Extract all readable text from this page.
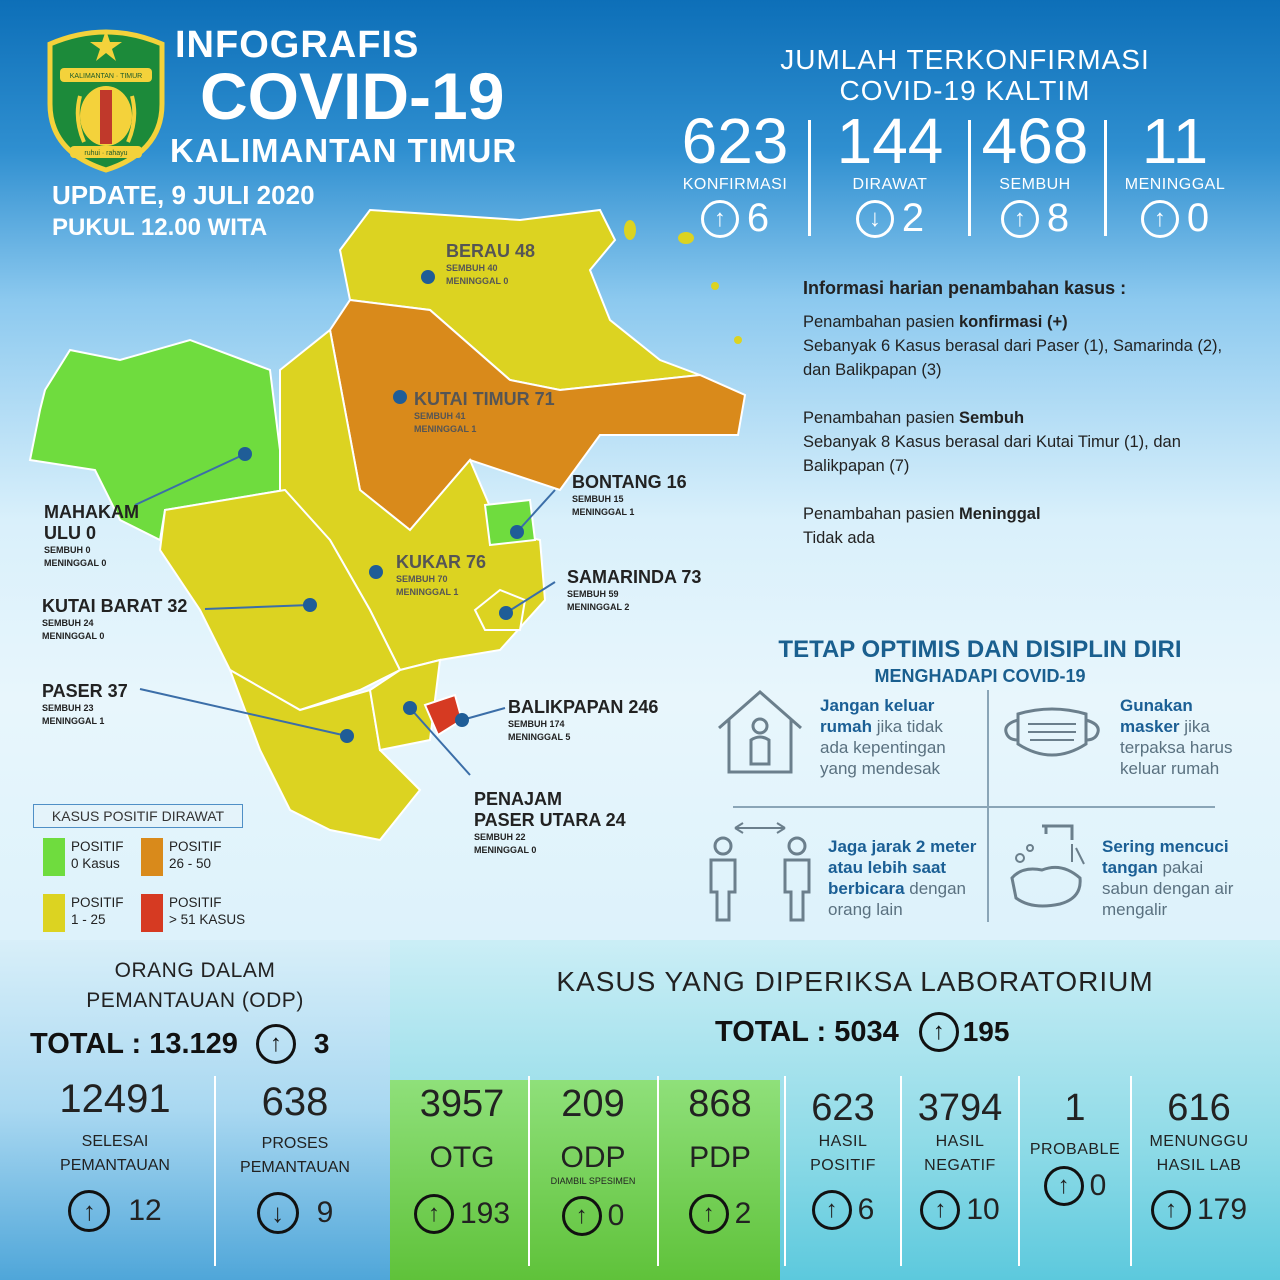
KALIMANTAN · TIMUR
ruhui · rahayu
INFOGRAFIS
COVID-19
KALIMANTAN TIMUR
UPDATE, 9 JULI 2020
PUKUL 12.00 WITA
JUMLAH TERKONFIRMASI
COVID-19 KALTIM
623
KONFIRMASI
↑ 6
144
DIRAWAT
↓ 2
468
SEMBUH
↑ 8
11
MENINGGAL
↑ 0
BERAU 48
SEMBUH 40
MENINGGAL 0
KUTAI TIMUR 71
SEMBUH 41
MENINGGAL 1
BONTANG 16
SEMBUH 15
MENINGGAL 1
MAHAKAM
ULU 0
SEMBUH 0
MENINGGAL 0	KUKAR 76
SEMBUH 70
MENINGGAL 1
SAMARINDA 73
SEMBUH 59
MENINGGAL 2
KUTAI BARAT 32
SEMBUH 24
MENINGGAL 0
PASER 37
SEMBUH 23
MENINGGAL 1
BALIKPAPAN 246
SEMBUH 174
MENINGGAL 5
PENAJAM
PASER UTARA 24
SEMBUH 22
MENINGGAL 0
KASUS POSITIF DIRAWAT
POSITIF
0 Kasus
POSITIF
26 - 50
POSITIF
1 - 25
POSITIF
> 51 KASUS
Informasi harian penambahan kasus :

Penambahan pasien konfirmasi (+)
Sebanyak 6 Kasus berasal dari Paser (1), Samarinda (2), dan Balikpapan (3)

Penambahan pasien Sembuh
Sebanyak 8 Kasus berasal dari Kutai Timur (1), dan Balikpapan (7)

Penambahan pasien Meninggal
Tidak ada

TETAP OPTIMIS DAN DISIPLIN DIRI
MENGHADAPI COVID-19
Jangan keluar rumah jika tidak ada kepentingan yang mendesak
Gunakan masker jika terpaksa harus keluar rumah
Jaga jarak 2 meter atau lebih saat berbicara dengan orang lain
Sering mencuci tangan pakai sabun dengan air mengalir
ORANG DALAM
PEMANTAUAN (ODP)
TOTAL : 13.129	↑	3
12491
SELESAI
PEMANTAUAN
↑	12
638
PROSES
PEMANTAUAN
↓	9
KASUS YANG DIPERIKSA LABORATORIUM
TOTAL : 5034	↑ 195
3957
OTG
↑ 193
209
ODP
DIAMBIL SPESIMEN
↑ 0
868
PDP
↑ 2
623
HASIL
POSITIF
↑ 6
3794
HASIL
NEGATIF
↑ 10
1
PROBABLE
↑ 0
616
MENUNGGU
HASIL LAB
↑ 179
